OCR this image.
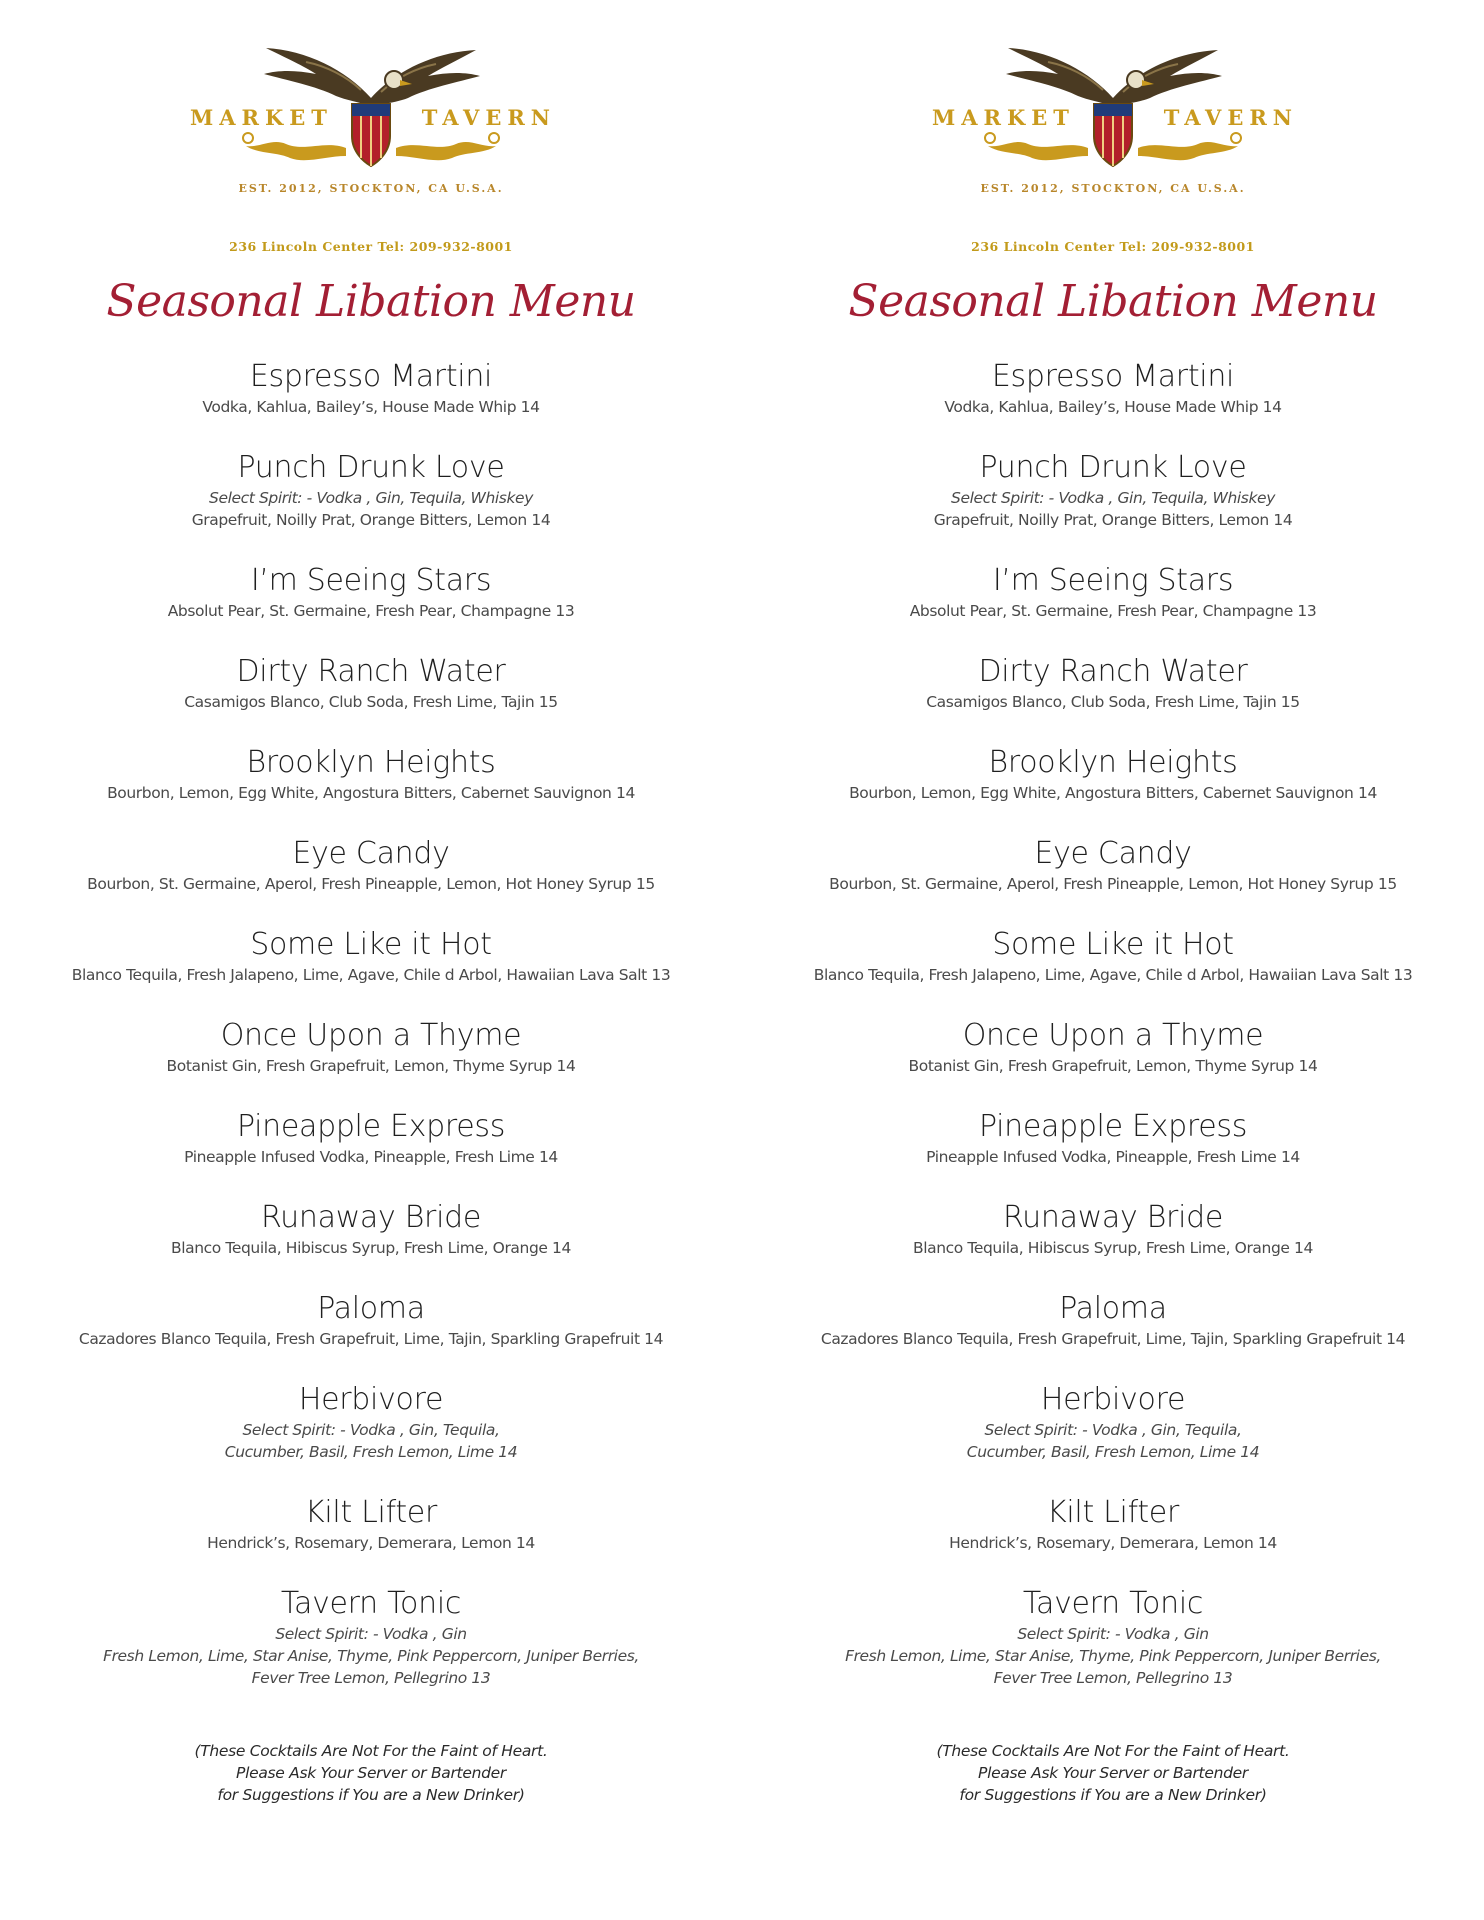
MARKET	TAVERN
EST. 2012, STOCKTON, CA U.S.A.
236 Lincoln Center Tel: 209-932-8001
Seasonal Libation Menu
Espresso Martini
Vodka, Kahlua, Bailey’s, House Made Whip 14
Punch Drunk Love
Select Spirit: - Vodka , Gin, Tequila, Whiskey
Grapefruit, Noilly Prat, Orange Bitters, Lemon 14
I’m Seeing Stars
Absolut Pear, St. Germaine, Fresh Pear, Champagne 13
Dirty Ranch Water
Casamigos Blanco, Club Soda, Fresh Lime, Tajin 15
Brooklyn Heights
Bourbon, Lemon, Egg White, Angostura Bitters, Cabernet Sauvignon 14
Eye Candy
Bourbon, St. Germaine, Aperol, Fresh Pineapple, Lemon, Hot Honey Syrup 15
Some Like it Hot
Blanco Tequila, Fresh Jalapeno, Lime, Agave, Chile d Arbol, Hawaiian Lava Salt 13
Once Upon a Thyme
Botanist Gin, Fresh Grapefruit, Lemon, Thyme Syrup 14
Pineapple Express
Pineapple Infused Vodka, Pineapple, Fresh Lime 14
Runaway Bride
Blanco Tequila, Hibiscus Syrup, Fresh Lime, Orange 14
Paloma
Cazadores Blanco Tequila, Fresh Grapefruit, Lime, Tajin, Sparkling Grapefruit 14
Herbivore
Select Spirit: - Vodka , Gin, Tequila,
Cucumber, Basil, Fresh Lemon, Lime 14
Kilt Lifter
Hendrick’s, Rosemary, Demerara, Lemon 14
Tavern Tonic
Select Spirit: - Vodka , Gin
Fresh Lemon, Lime, Star Anise, Thyme, Pink Peppercorn, Juniper Berries,
Fever Tree Lemon, Pellegrino 13
(These Cocktails Are Not For the Faint of Heart.
Please Ask Your Server or Bartender
for Suggestions if You are a New Drinker)
MARKET	TAVERN
EST. 2012, STOCKTON, CA U.S.A.
236 Lincoln Center Tel: 209-932-8001
Seasonal Libation Menu
Espresso Martini
Vodka, Kahlua, Bailey’s, House Made Whip 14
Punch Drunk Love
Select Spirit: - Vodka , Gin, Tequila, Whiskey
Grapefruit, Noilly Prat, Orange Bitters, Lemon 14
I’m Seeing Stars
Absolut Pear, St. Germaine, Fresh Pear, Champagne 13
Dirty Ranch Water
Casamigos Blanco, Club Soda, Fresh Lime, Tajin 15
Brooklyn Heights
Bourbon, Lemon, Egg White, Angostura Bitters, Cabernet Sauvignon 14
Eye Candy
Bourbon, St. Germaine, Aperol, Fresh Pineapple, Lemon, Hot Honey Syrup 15
Some Like it Hot
Blanco Tequila, Fresh Jalapeno, Lime, Agave, Chile d Arbol, Hawaiian Lava Salt 13
Once Upon a Thyme
Botanist Gin, Fresh Grapefruit, Lemon, Thyme Syrup 14
Pineapple Express
Pineapple Infused Vodka, Pineapple, Fresh Lime 14
Runaway Bride
Blanco Tequila, Hibiscus Syrup, Fresh Lime, Orange 14
Paloma
Cazadores Blanco Tequila, Fresh Grapefruit, Lime, Tajin, Sparkling Grapefruit 14
Herbivore
Select Spirit: - Vodka , Gin, Tequila,
Cucumber, Basil, Fresh Lemon, Lime 14
Kilt Lifter
Hendrick’s, Rosemary, Demerara, Lemon 14
Tavern Tonic
Select Spirit: - Vodka , Gin
Fresh Lemon, Lime, Star Anise, Thyme, Pink Peppercorn, Juniper Berries,
Fever Tree Lemon, Pellegrino 13
(These Cocktails Are Not For the Faint of Heart.
Please Ask Your Server or Bartender
for Suggestions if You are a New Drinker)
